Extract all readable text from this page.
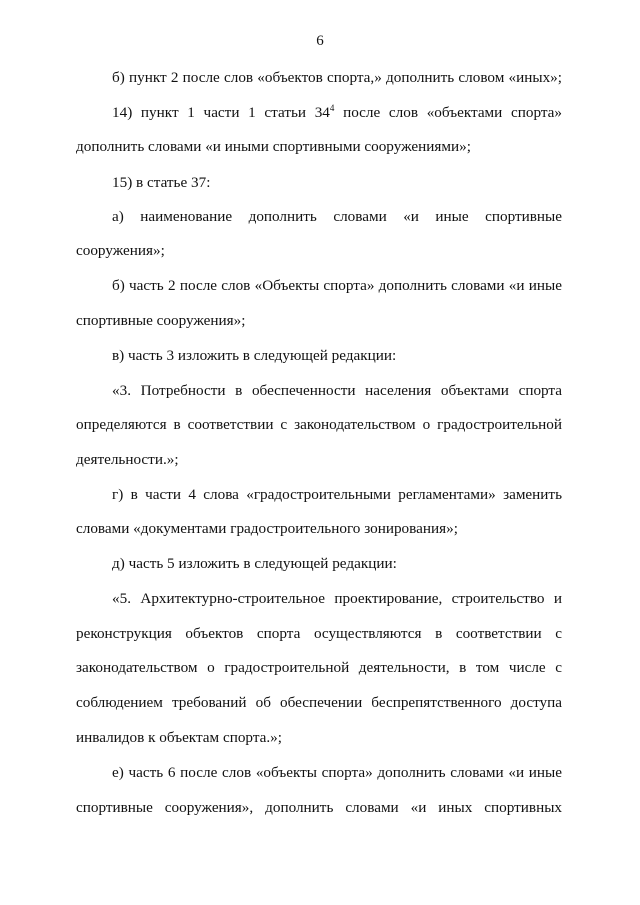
6
б) пункт 2 после слов «объектов спорта,» дополнить словом «иных»;
14) пункт 1 части 1 статьи $34^4$ после слов «объектами спорта»
дополнить словами «и иными спортивными сооружениями»;
15) в статье 37:
а) наименование дополнить словами «и иные спортивные
сооружения»;
б) часть 2 после слов «Объекты спорта» дополнить словами «и иные
спортивные сооружения»;
в) часть 3 изложить в следующей редакции:
«3. Потребности в обеспеченности населения объектами спорта
определяются в соответствии с законодательством о градостроительной
деятельности.»;
г) в части 4 слова «градостроительными регламентами» заменить
словами «документами градостроительного зонирования»;
д) часть 5 изложить в следующей редакции:
«5. Архитектурно-строительное проектирование, строительство и
реконструкция объектов спорта осуществляются в соответствии с
законодательством о градостроительной деятельности, в том числе с
соблюдением требований об обеспечении беспрепятственного доступа
инвалидов к объектам спорта.»;
е) часть 6 после слов «объекты спорта» дополнить словами «и иные
спортивные сооружения», дополнить словами «и иных спортивных
